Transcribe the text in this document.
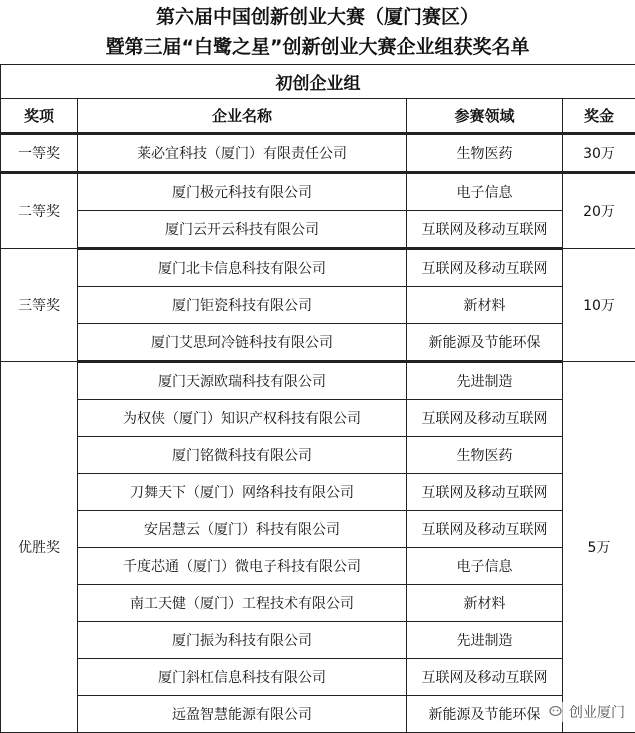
第六届中国创新创业大赛（厦门赛区）
暨第三届“白鹭之星”创新创业大赛企业组获奖名单
初创企业组			
奖项	企业名称	参赛领域	奖金
一等奖	莱必宜科技（厦门）有限责任公司	生物医药	30万
二等奖	厦门极元科技有限公司	电子信息	20万
	厦门云开云科技有限公司	互联网及移动互联网	
三等奖	厦门北卡信息科技有限公司	互联网及移动互联网	10万
	厦门钜瓷科技有限公司	新材料	
	厦门艾思珂冷链科技有限公司	新能源及节能环保	
优胜奖	厦门天源欧瑞科技有限公司	先进制造	5万
	为权侠（厦门）知识产权科技有限公司	互联网及移动互联网	
	厦门铭微科技有限公司	生物医药	
	刀舞天下（厦门）网络科技有限公司	互联网及移动互联网	
	安居慧云（厦门）科技有限公司	互联网及移动互联网	
	千度芯通（厦门）微电子科技有限公司	电子信息	
	南工天健（厦门）工程技术有限公司	新材料	
	厦门振为科技有限公司	先进制造	
	厦门斜杠信息科技有限公司	互联网及移动互联网	
	远盈智慧能源有限公司	新能源及节能环保	创业厦门
